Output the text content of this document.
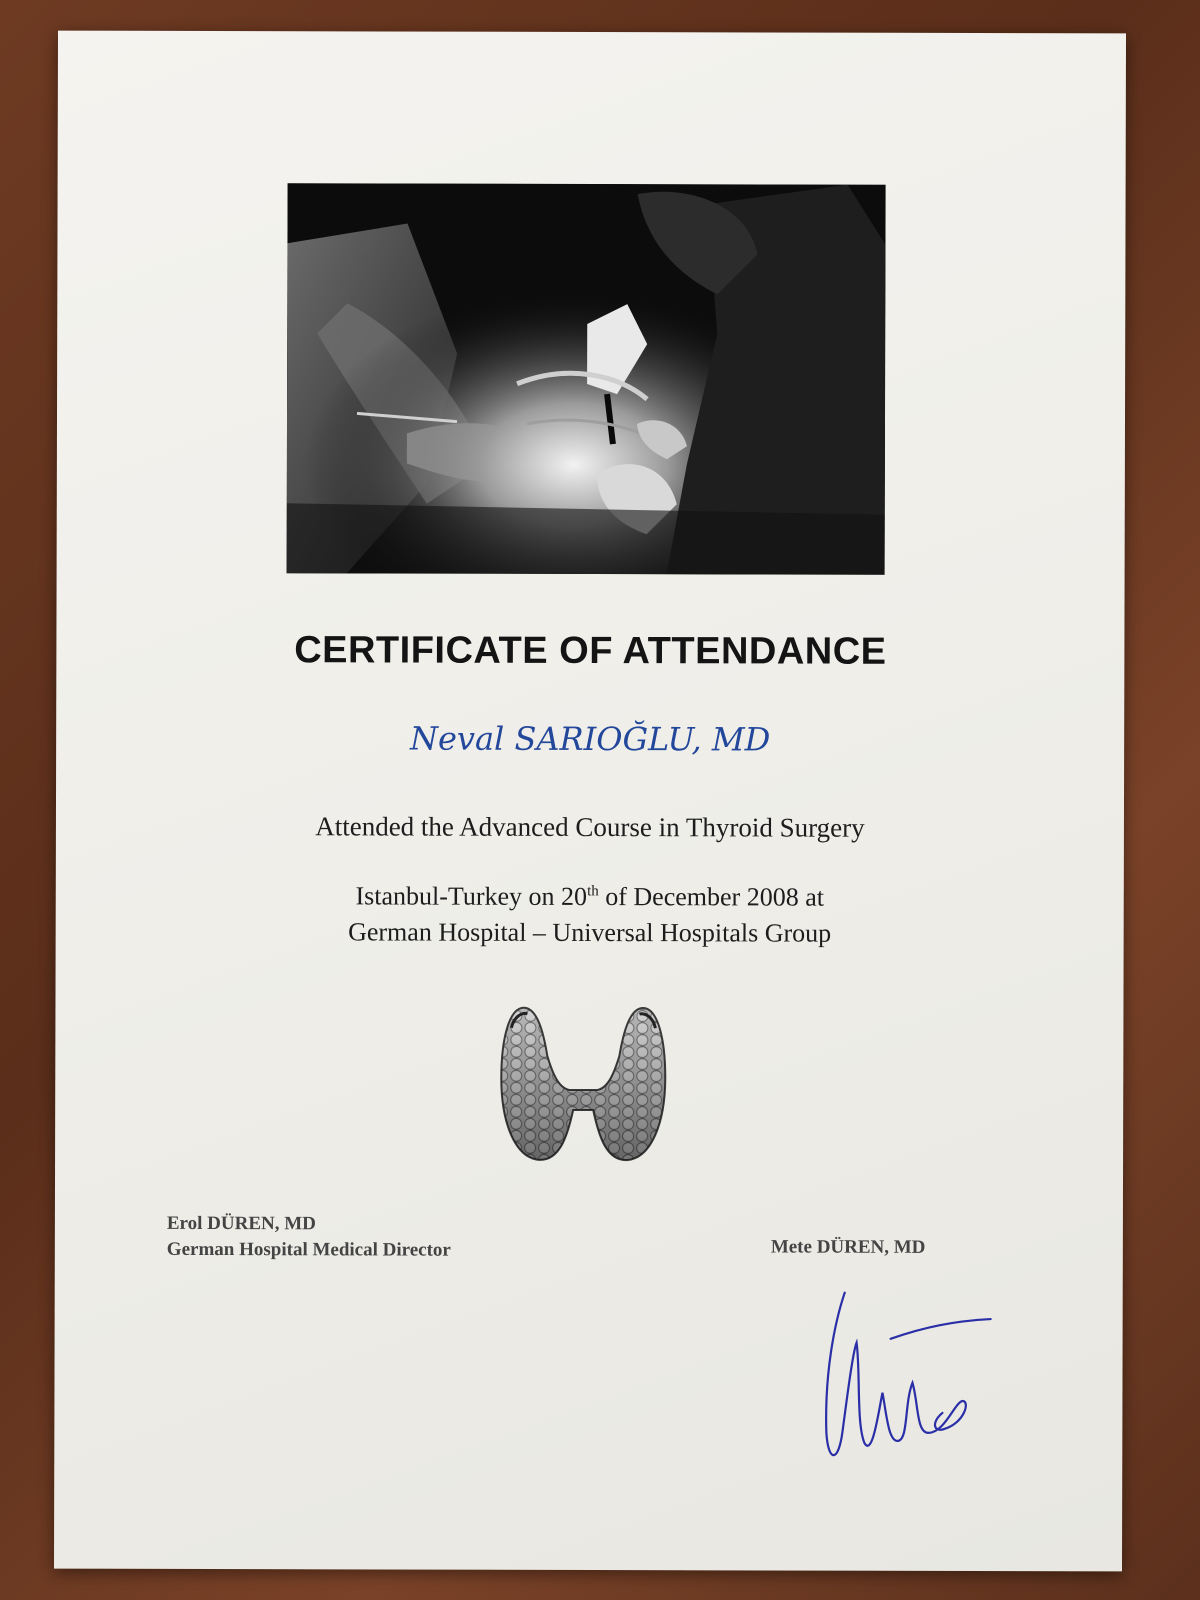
CERTIFICATE OF ATTENDANCE
Neval SARIOĞLU, MD
Attended the Advanced Course in Thyroid Surgery
Istanbul-Turkey on 20th of December 2008 at
German Hospital – Universal Hospitals Group
Erol DÜREN, MD
German Hospital Medical Director	Mete DÜREN, MD
